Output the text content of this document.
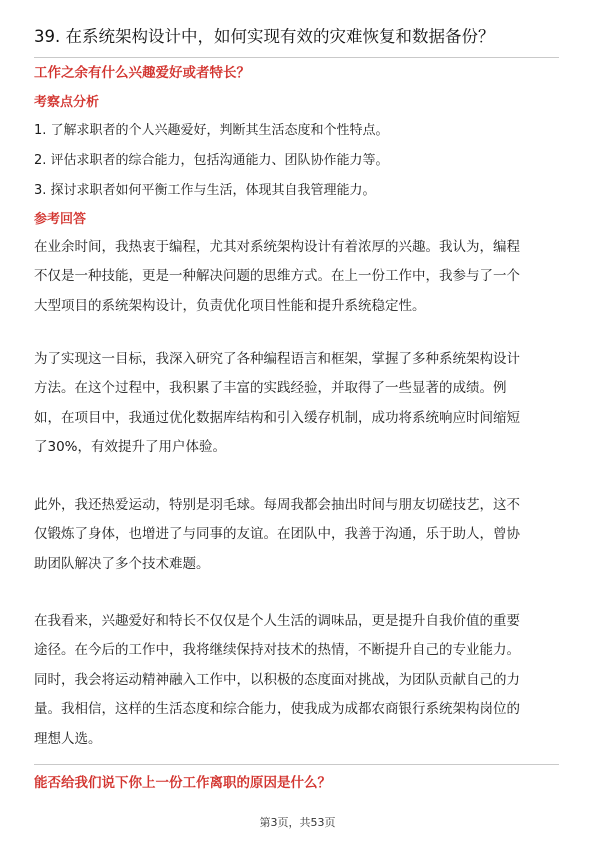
39. 在系统架构设计中，如何实现有效的灾难恢复和数据备份？
工作之余有什么兴趣爱好或者特长？
考察点分析
1. 了解求职者的个人兴趣爱好，判断其生活态度和个性特点。
2. 评估求职者的综合能力，包括沟通能力、团队协作能力等。
3. 探讨求职者如何平衡工作与生活，体现其自我管理能力。
参考回答
在业余时间，我热衷于编程，尤其对系统架构设计有着浓厚的兴趣。我认为，编程
不仅是一种技能，更是一种解决问题的思维方式。在上一份工作中，我参与了一个
大型项目的系统架构设计，负责优化项目性能和提升系统稳定性。
为了实现这一目标，我深入研究了各种编程语言和框架，掌握了多种系统架构设计
方法。在这个过程中，我积累了丰富的实践经验，并取得了一些显著的成绩。例
如，在项目中，我通过优化数据库结构和引入缓存机制，成功将系统响应时间缩短
了30%，有效提升了用户体验。
此外，我还热爱运动，特别是羽毛球。每周我都会抽出时间与朋友切磋技艺，这不
仅锻炼了身体，也增进了与同事的友谊。在团队中，我善于沟通，乐于助人，曾协
助团队解决了多个技术难题。
在我看来，兴趣爱好和特长不仅仅是个人生活的调味品，更是提升自我价值的重要
途径。在今后的工作中，我将继续保持对技术的热情，不断提升自己的专业能力。
同时，我会将运动精神融入工作中，以积极的态度面对挑战，为团队贡献自己的力
量。我相信，这样的生活态度和综合能力，使我成为成都农商银行系统架构岗位的
理想人选。
能否给我们说下你上一份工作离职的原因是什么？
第3页，共53页
